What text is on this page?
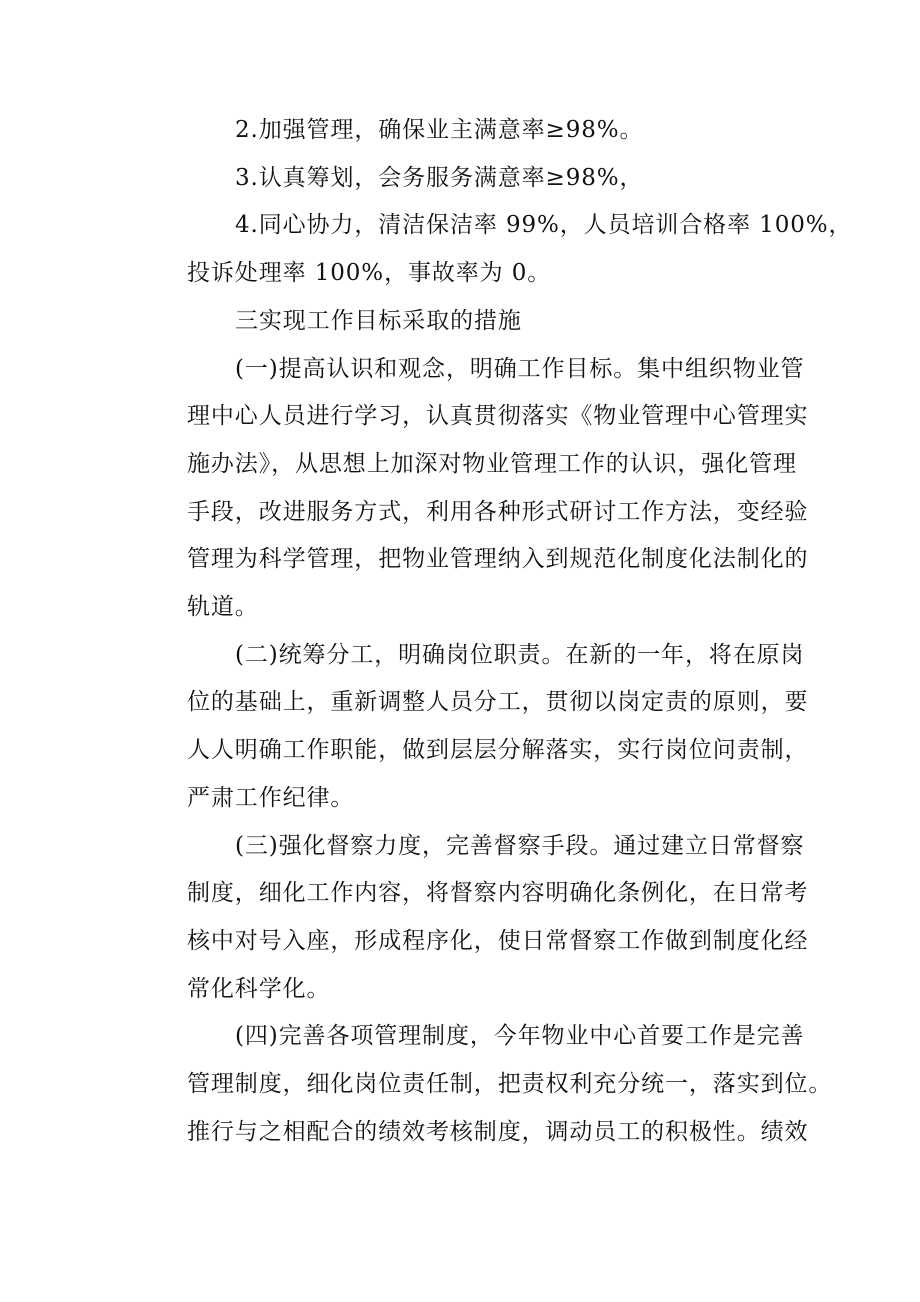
2.加强管理，确保业主满意率≥98%。

3.认真筹划，会务服务满意率≥98%，

4.同心协力，清洁保洁率 99%，人员培训合格率 100%，
投诉处理率 100%，事故率为 0。

三实现工作目标采取的措施

(一)提高认识和观念，明确工作目标。集中组织物业管
理中心人员进行学习，认真贯彻落实《物业管理中心管理实
施办法》，从思想上加深对物业管理工作的认识，强化管理
手段，改进服务方式，利用各种形式研讨工作方法，变经验
管理为科学管理，把物业管理纳入到规范化制度化法制化的
轨道。

(二)统筹分工，明确岗位职责。在新的一年，将在原岗
位的基础上，重新调整人员分工，贯彻以岗定责的原则，要
人人明确工作职能，做到层层分解落实，实行岗位问责制，
严肃工作纪律。

(三)强化督察力度，完善督察手段。通过建立日常督察
制度，细化工作内容，将督察内容明确化条例化，在日常考
核中对号入座，形成程序化，使日常督察工作做到制度化经
常化科学化。

(四)完善各项管理制度，今年物业中心首要工作是完善
管理制度，细化岗位责任制，把责权利充分统一，落实到位。
推行与之相配合的绩效考核制度，调动员工的积极性。绩效
